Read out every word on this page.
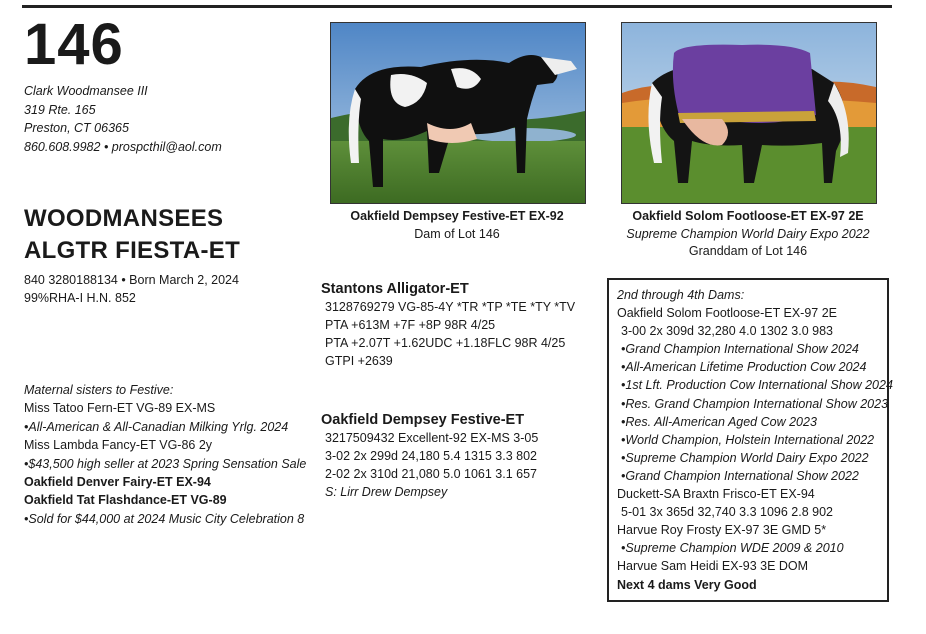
146
Clark Woodmansee III
319 Rte. 165
Preston, CT 06365
860.608.9982 • prospcthil@aol.com
WOODMANSEES
ALGTR FIESTA-ET
840 3280188134 • Born March 2, 2024
99%RHA-I H.N. 852
Oakfield Dempsey Festive-ET EX-92
Dam of Lot 146
Oakfield Solom Footloose-ET EX-97 2E
Supreme Champion World Dairy Expo 2022
Granddam of Lot 146
Stantons Alligator-ET
3128769279 VG-85-4Y *TR *TP *TE *TY *TV
PTA +613M +7F +8P 98R 4/25
PTA +2.07T +1.62UDC +1.18FLC 98R 4/25
GTPI +2639
Oakfield Dempsey Festive-ET
3217509432 Excellent-92 EX-MS 3-05
3-02 2x 299d 24,180 5.4 1315 3.3 802
2-02 2x 310d 21,080 5.0 1061 3.1 657
S: Lirr Drew Dempsey
Maternal sisters to Festive:
Miss Tatoo Fern-ET VG-89 EX-MS
•All-American & All-Canadian Milking Yrlg. 2024
Miss Lambda Fancy-ET VG-86 2y
•$43,500 high seller at 2023 Spring Sensation Sale
Oakfield Denver Fairy-ET EX-94
Oakfield Tat Flashdance-ET VG-89
•Sold for $44,000 at 2024 Music City Celebration 8
2nd through 4th Dams:
Oakfield Solom Footloose-ET EX-97 2E
3-00 2x 309d 32,280 4.0 1302 3.0 983
•Grand Champion International Show 2024
•All-American Lifetime Production Cow 2024
•1st Lft. Production Cow International Show 2024
•Res. Grand Champion International Show 2023
•Res. All-American Aged Cow 2023
•World Champion, Holstein International 2022
•Supreme Champion World Dairy Expo 2022
•Grand Champion International Show 2022
Duckett-SA Braxtn Frisco-ET EX-94
5-01 3x 365d 32,740 3.3 1096 2.8 902
Harvue Roy Frosty EX-97 3E GMD 5*
•Supreme Champion WDE 2009 & 2010
Harvue Sam Heidi EX-93 3E DOM
Next 4 dams Very Good
